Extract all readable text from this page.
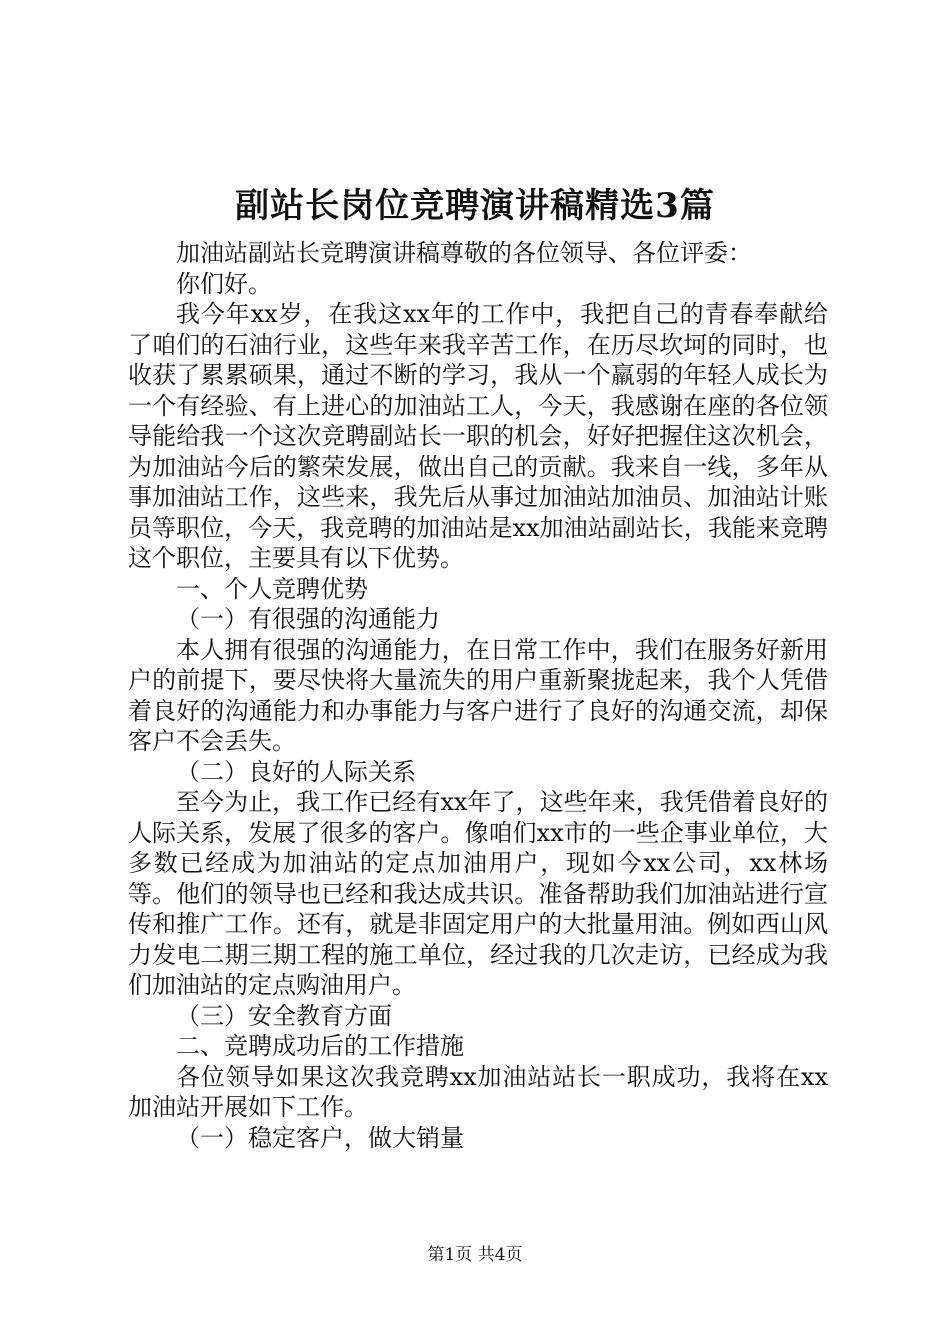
副站长岗位竞聘演讲稿精选3篇

加油站副站长竞聘演讲稿尊敬的各位领导、各位评委：

你们好。

我今年xx岁，在我这xx年的工作中，我把自己的青春奉献给了咱们的石油行业，这些年来我辛苦工作，在历尽坎坷的同时，也收获了累累硕果，通过不断的学习，我从一个羸弱的年轻人成长为一个有经验、有上进心的加油站工人，今天，我感谢在座的各位领导能给我一个这次竞聘副站长一职的机会，好好把握住这次机会，为加油站今后的繁荣发展，做出自己的贡献。我来自一线，多年从事加油站工作，这些来，我先后从事过加油站加油员、加油站计账员等职位，今天，我竞聘的加油站是xx加油站副站长，我能来竞聘这个职位，主要具有以下优势。

一、个人竞聘优势

（一）有很强的沟通能力

本人拥有很强的沟通能力，在日常工作中，我们在服务好新用户的前提下，要尽快将大量流失的用户重新聚拢起来，我个人凭借着良好的沟通能力和办事能力与客户进行了良好的沟通交流，却保客户不会丢失。

（二）良好的人际关系

至今为止，我工作已经有xx年了，这些年来，我凭借着良好的人际关系，发展了很多的客户。像咱们xx市的一些企事业单位，大多数已经成为加油站的定点加油用户，现如今xx公司，xx林场等。他们的领导也已经和我达成共识。准备帮助我们加油站进行宣传和推广工作。还有，就是非固定用户的大批量用油。例如西山风力发电二期三期工程的施工单位，经过我的几次走访，已经成为我们加油站的定点购油用户。

（三）安全教育方面

二、竞聘成功后的工作措施

各位领导如果这次我竞聘xx加油站站长一职成功，我将在xx加油站开展如下工作。

（一）稳定客户，做大销量

第1页 共4页
